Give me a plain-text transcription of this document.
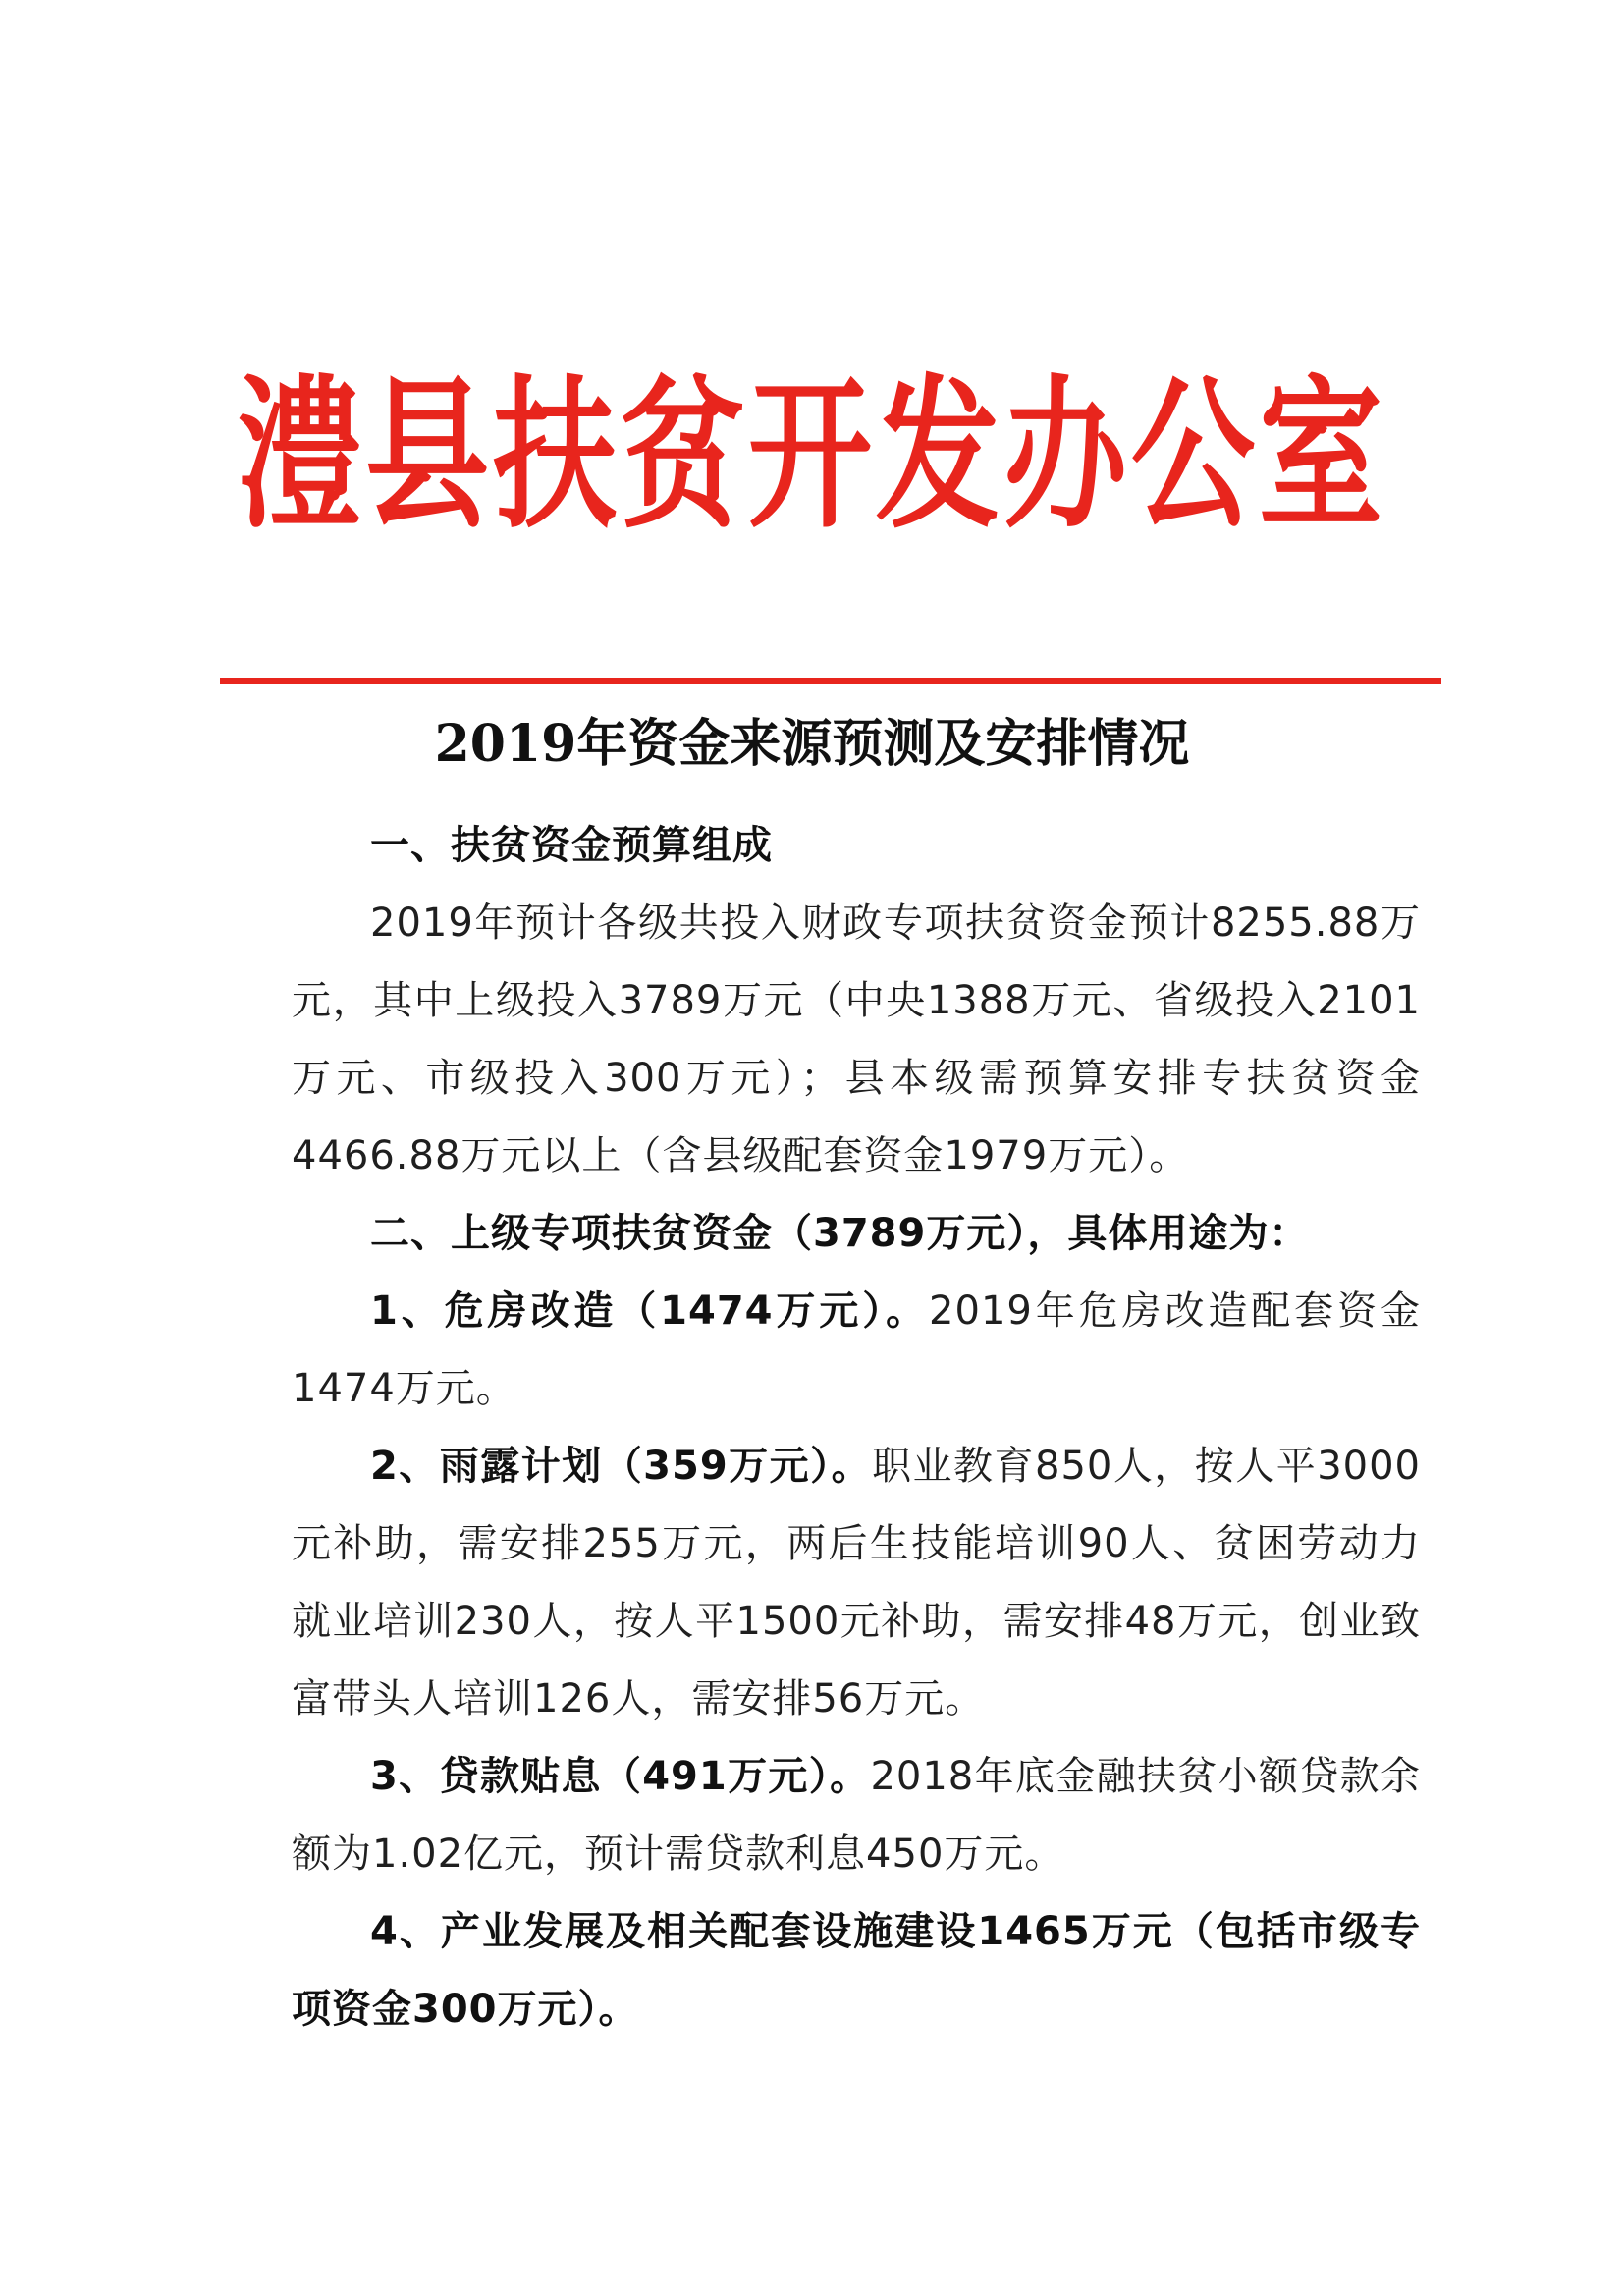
澧县扶贫开发办公室
2019年资金来源预测及安排情况

一、扶贫资金预算组成

2019年预计各级共投入财政专项扶贫资金预计8255.88万元，其中上级投入3789万元（中央1388万元、省级投入2101万元、市级投入300万元）；县本级需预算安排专扶贫资金4466.88万元以上（含县级配套资金1979万元）。

二、上级专项扶贫资金（3789万元），具体用途为：

1、危房改造（1474万元）。2019年危房改造配套资金1474万元。

2、雨露计划（359万元）。职业教育850人，按人平3000元补助，需安排255万元，两后生技能培训90人、贫困劳动力就业培训230人，按人平1500元补助，需安排48万元，创业致富带头人培训126人，需安排56万元。

3、贷款贴息（491万元）。2018年底金融扶贫小额贷款余额为1.02亿元，预计需贷款利息450万元。

4、产业发展及相关配套设施建设1465万元（包括市级专项资金300万元）。
